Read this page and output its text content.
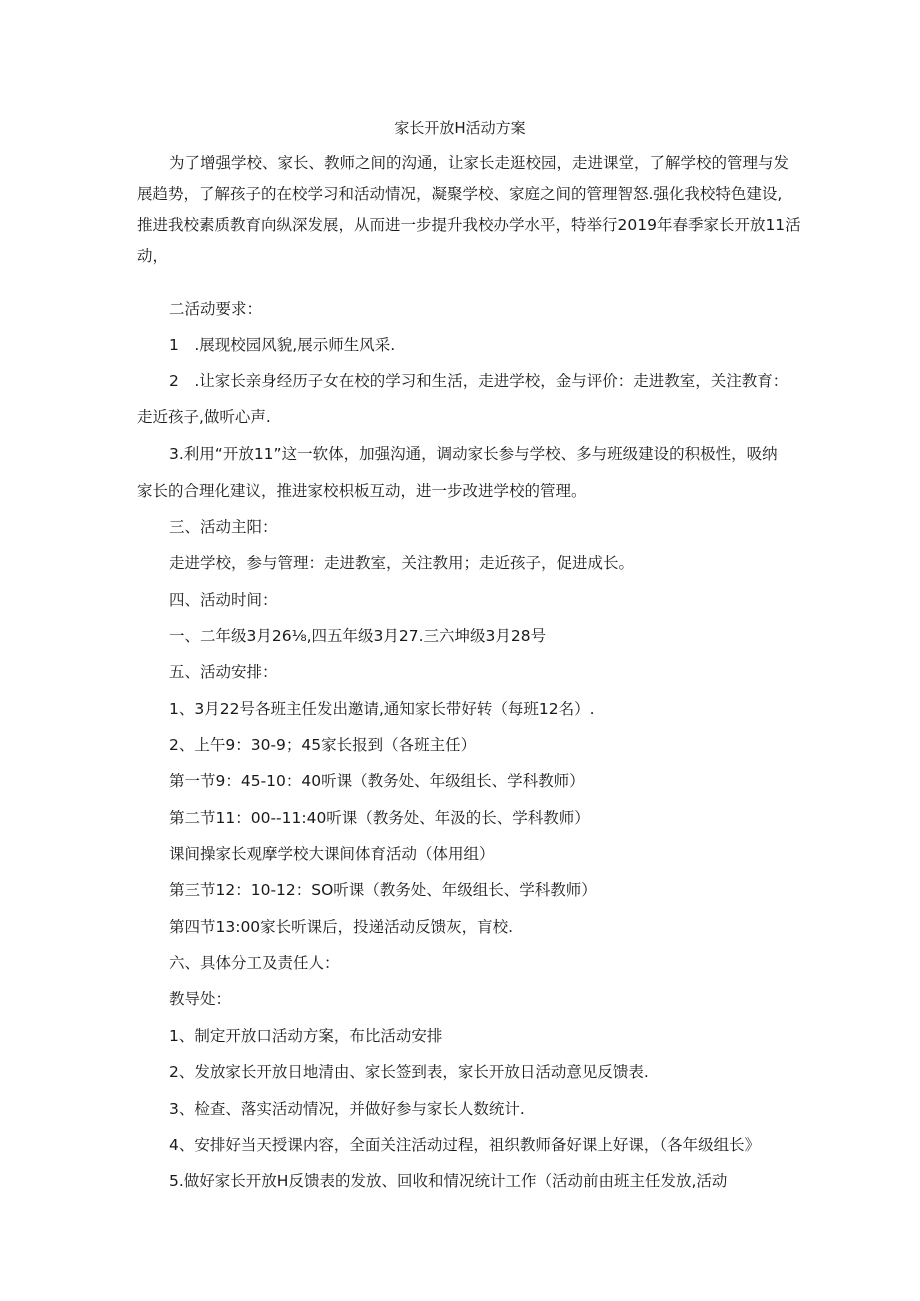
家长开放H活动方案
为了增强学校、家长、教师之间的沟通，让家长走逛校园，走进课堂，了解学校的管理与发
展趋势，了解孩子的在校学习和活动情况，凝聚学校、家庭之间的管理智怒.强化我校特色建设,
推进我校素质教育向纵深发展，从而进一步提升我校办学水平，特举行2019年春季家长开放11活
动，
二活动要求：
1　.展现校园风貌,展示师生风采.
2　.让家长亲身经历子女在校的学习和生活，走进学校，金与评价：走进教室，关注教育：
走近孩子,做听心声.
3.利用“开放11”这一软体，加强沟通，调动家长参与学校、多与班级建设的积极性，吸纳
家长的合理化建议，推进家校枳板互动，进一步改进学校的管理。
三、活动主阳：
走进学校，参与管理：走进教室，关注教用；走近孩子，促进成长。
四、活动时间：
一、二年级3月26⅛,四五年级3月27.三六坤级3月28号
五、活动安排：
1、3月22号各班主任发出邀请,通知家长带好转（每班12名）.
2、上午9：30-9；45家长报到（各班主任）
第一节9：45-10：40听课（教务处、年级组长、学科教师）
第二节11：00--11:40听课（教务处、年汲的长、学科教师）
课间操家长观摩学校大课间体育活动（体用组）
第三节12：10-12：SO听课（教务处、年级组长、学科教师）
第四节13:00家长听课后，投递活动反馈灰，肓校.
六、具体分工及责任人：
教导处：
1、制定开放口活动方案，布比活动安排
2、发放家长开放日地清由、家长签到表，家长开放日活动意见反馈表.
3、检查、落实活动情况，并做好参与家长人数统计.
4、安排好当天授课内容，全面关注活动过程，祖织教师备好课上好课，（各年级组长》
5.做好家长开放H反馈表的发放、回收和情况统计工作（活动前由班主任发放,活动
